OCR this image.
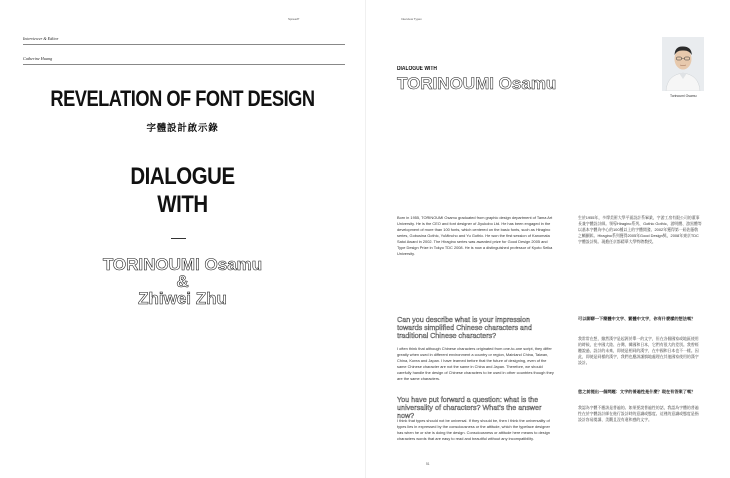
Spread?
Interviewer & Editor
Catherine Huang
REVELATION OF FONT DESIGN
字體設計啟示錄
DIALOGUE
WITH
TORINOUMI Osamu
&
Zhiwei Zhu
Interview Typex
DIALOGUE WITH
TORINOUMI Osamu
Torinoumi Osamu
Born in 1955, TORINOUMI Osamu graduated from graphic design department of Tama Art University. He is the CEO and font designer of Jiyukobo Ltd. He has been engaged in the development of more than 100 fonts, which centered on the basic fonts, such as Hiragino series, Gobusina Gothic, YuMincho and Yu Gothic. He won the first session of Kanomata Satoi Award in 2002. The Hiragino series was awarded prize for Good Design 2005 and Type Design Prize in Tokyo TDC 2008. He is now a distinguished professor of Kyoto Seika University.
生於1955年，多摩美術大學平面設計系畢業，字游工房有限公司的董事長兼字體設計師。領導Hiragino系列、Gothic Gothic、游明體、游黑體等以基本字體為中心的100種以上的字體開發。2002年獲得第一屆佐藤敬之輔顯彰。Hiragino系列獲得2005年Good Design獎，2008年東京TDC字體設計獎。現擔任京都精華大學特聘教授。
Can you describe what is your impression towards simplified Chinese characters and traditional Chinese characters?
可以聊聊一下簡體中文字、繁體中文字，你有什麼樣的想法嗎？
I often think that although Chinese characters originated from one-to-one script, they differ greatly when used in different environment a country or region, Mainland China, Taiwan, China, Korea and Japan. I have learned before that the future of designing, even of the same Chinese character are not the same in China and Japan. Therefore, we should carefully handle the design of Chinese characters to be used in other countries though they are the same characters.
我常常在想，雖然漢字是起源於單一的文字，但在各個國家或地區使用的時候，在中國大陸、台灣、韓國和日本，它們有很大的差別。我曾經聽說過，設計的未來，即使是相同的漢字，在中國和日本也不一樣。因此，即使是同樣的漢字，我們也應該謹慎地處理在其他國家使用的漢字設計。
You have put forward a question: what is the universality of characters? What's the answer now?
您之前提出一個問題：文字的普遍性是什麼？現在有答案了嗎？
I think that types should not be universal. If they should be, then I think the universality of types lies in expressed by the consciousness or the attitude, which the typeface designer has when he or she is doing the design. Consciousness or attitude here means to design characters words that are easy to read and beautiful without any incompatibility.
我認為字體不應該是普遍的。如果要說普遍性的話，我認為字體的普遍性在於字體設計師在進行設計時的意識或態度。這裡的意識或態度是指設計容易閱讀、美觀且沒有違和感的文字。
51
